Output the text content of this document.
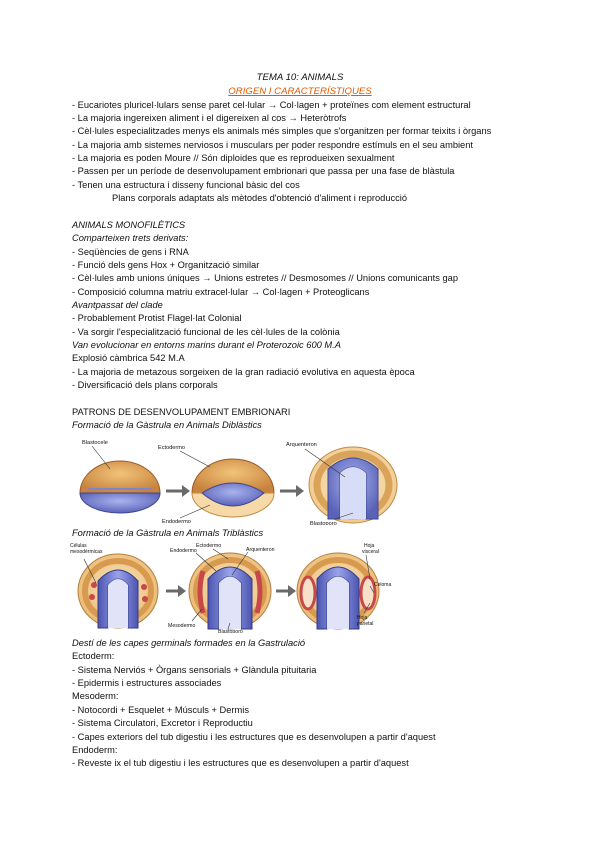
TEMA 10: ANIMALS
ORIGEN I CARACTERÍSTIQUES
- Eucariotes pluricel·lulars sense paret cel·lular → Col·lagen + proteïnes com element estructural
- La majoria ingereixen aliment i el digereixen al cos → Heteròtrofs
- Cèl·lules especialitzades menys els animals més simples que s'organitzen per formar teixits i òrgans
- La majoria amb sistemes nerviosos i musculars per poder respondre estímuls en el seu ambient
- La majoria es poden Moure // Són diploides que es reprodueixen sexualment
- Passen per un període de desenvolupament embrionari que passa per una fase de blàstula
- Tenen una estructura i disseny funcional bàsic del cos
Plans corporals adaptats als mètodes d'obtenció d'aliment i reproducció
ANIMALS MONOFILÈTICS
Comparteixen trets derivats:
- Seqüències de gens i RNA
- Funció dels gens Hox + Organització similar
- Cèl·lules amb unions úniques → Unions estretes // Desmosomes // Unions comunicants gap
- Composició columna matriu extracel·lular → Col·lagen + Proteoglicans
Avantpassat del clade
- Probablement Protist Flagel·lat Colonial
- Va sorgir l'especialització funcional de les cèl·lules de la colònia
Van evolucionar en entorns marins durant el Proterozoic 600 M.A
Explosió càmbrica 542 M.A
- La majoria de metazous sorgeixen de la gran radiació evolutiva en aquesta època
- Diversificació dels plans corporals
PATRONS DE DESENVOLUPAMENT EMBRIONARI
Formació de la Gàstrula en Animals Diblàstics
Blastocele
Ectodermo
Endodermo
Arquenteron
Blastoporo
Formació de la Gàstrula en Animals Triblàstics
Células
mesodérmicas
Ectodermo
Endodermo	Arquenteron
Mesodermo
Blastoporo
Hoja
visceral
Celoma
Hoja
parietal
Destí de les capes germinals formades en la Gastrulació
Ectoderm:
- Sistema Nerviós + Òrgans sensorials + Glàndula pituitaria
- Epidermis i estructures associades
Mesoderm:
- Notocordi + Esquelet + Músculs + Dermis
- Sistema Circulatori, Excretor i Reproductiu
- Capes exteriors del tub digestiu i les estructures que es desenvolupen a partir d'aquest
Endoderm:
- Reveste ix el tub digestiu i les estructures que es desenvolupen a partir d'aquest
